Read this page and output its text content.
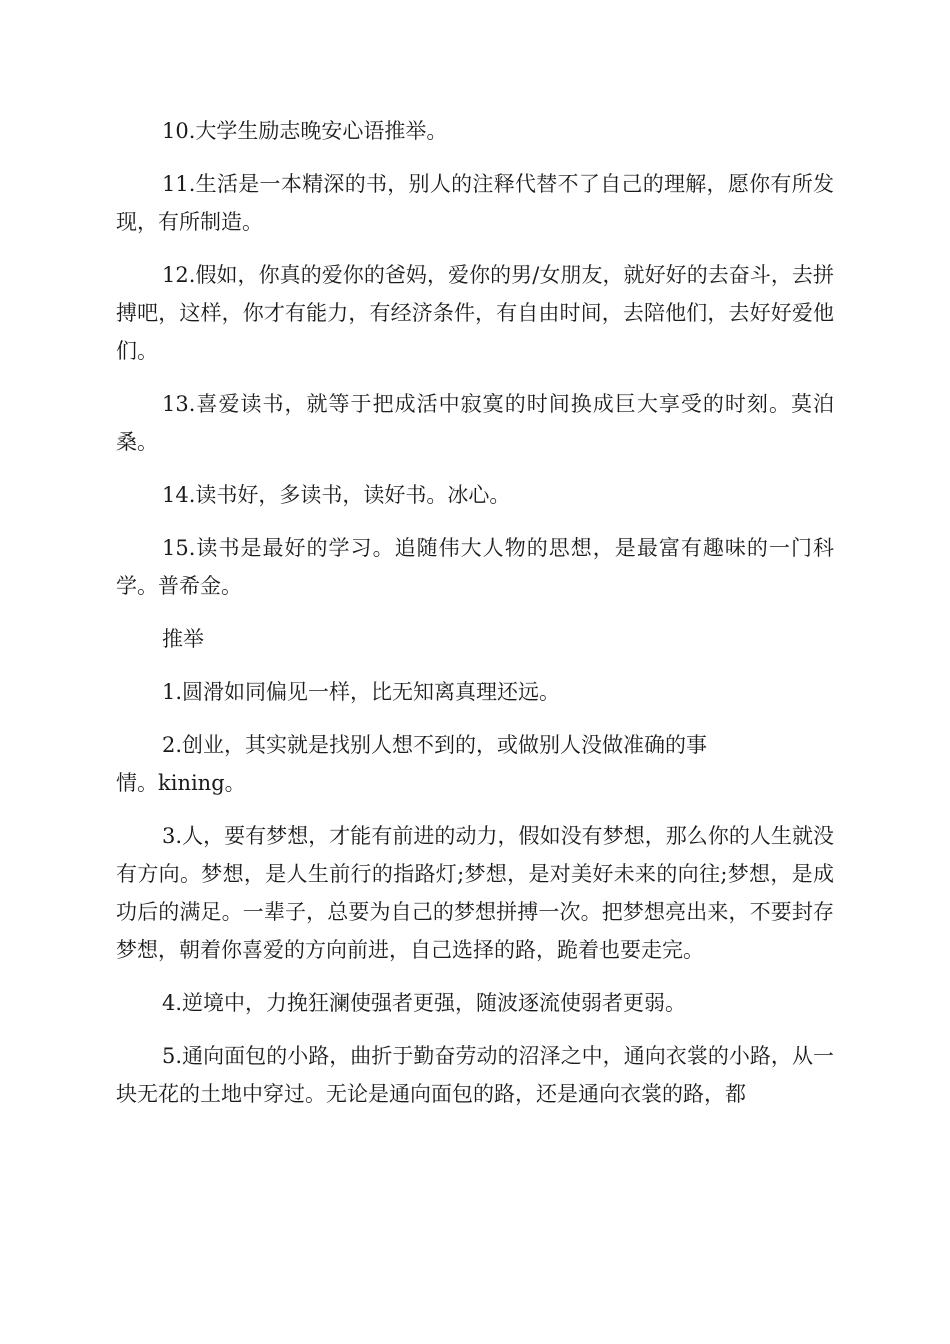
10.大学生励志晚安心语推举。

11.生活是一本精深的书，别人的注释代替不了自己的理解，愿你有所发现，有所制造。

12.假如，你真的爱你的爸妈，爱你的男/女朋友，就好好的去奋斗，去拼搏吧，这样，你才有能力，有经济条件，有自由时间，去陪他们，去好好爱他们。

13.喜爱读书，就等于把成活中寂寞的时间换成巨大享受的时刻。莫泊桑。

14.读书好，多读书，读好书。冰心。

15.读书是最好的学习。追随伟大人物的思想，是最富有趣味的一门科学。普希金。

推举

1.圆滑如同偏见一样，比无知离真理还远。

2.创业，其实就是找别人想不到的，或做别人没做准确的事
情。kining。

3.人，要有梦想，才能有前进的动力，假如没有梦想，那么你的人生就没有方向。梦想，是人生前行的指路灯;梦想，是对美好未来的向往;梦想，是成功后的满足。一辈子，总要为自己的梦想拼搏一次。把梦想亮出来，不要封存梦想，朝着你喜爱的方向前进，自己选择的路，跪着也要走完。

4.逆境中，力挽狂澜使强者更强，随波逐流使弱者更弱。

5.通向面包的小路，曲折于勤奋劳动的沼泽之中，通向衣裳的小路，从一块无花的土地中穿过。无论是通向面包的路，还是通向衣裳的路，都
